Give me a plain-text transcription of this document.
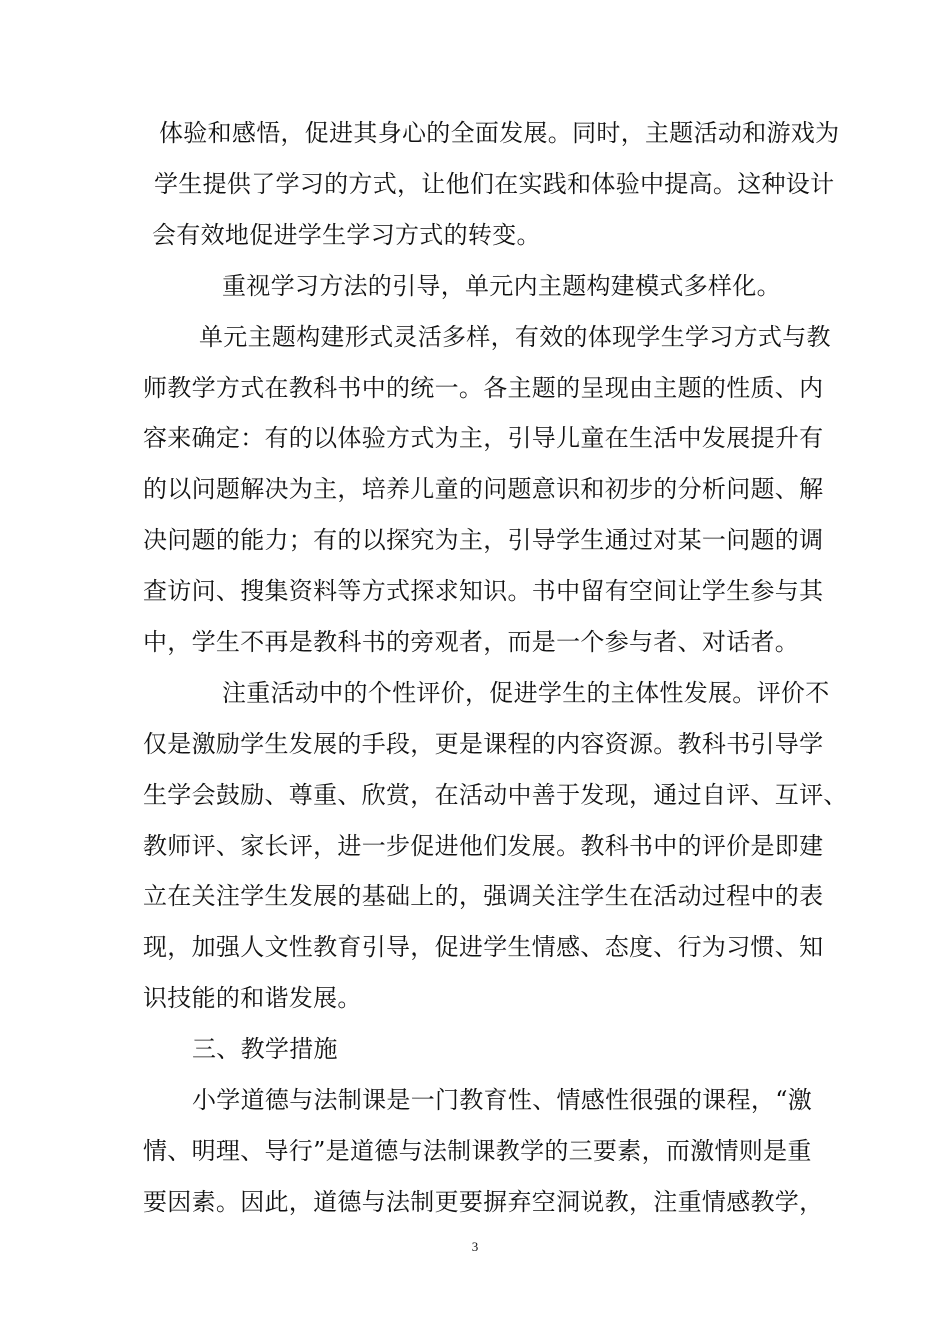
体验和感悟，促进其身心的全面发展。同时，主题活动和游戏为
学生提供了学习的方式，让他们在实践和体验中提高。这种设计
会有效地促进学生学习方式的转变。
重视学习方法的引导，单元内主题构建模式多样化。
单元主题构建形式灵活多样，有效的体现学生学习方式与教
师教学方式在教科书中的统一。各主题的呈现由主题的性质、内
容来确定：有的以体验方式为主，引导儿童在生活中发展提升有
的以问题解决为主，培养儿童的问题意识和初步的分析问题、解
决问题的能力；有的以探究为主，引导学生通过对某一问题的调
查访问、搜集资料等方式探求知识。书中留有空间让学生参与其
中，学生不再是教科书的旁观者，而是一个参与者、对话者。
注重活动中的个性评价，促进学生的主体性发展。评价不
仅是激励学生发展的手段，更是课程的内容资源。教科书引导学
生学会鼓励、尊重、欣赏，在活动中善于发现，通过自评、互评、
教师评、家长评，进一步促进他们发展。教科书中的评价是即建
立在关注学生发展的基础上的，强调关注学生在活动过程中的表
现，加强人文性教育引导，促进学生情感、态度、行为习惯、知
识技能的和谐发展。
三、教学措施
小学道德与法制课是一门教育性、情感性很强的课程，“激
情、明理、导行”是道德与法制课教学的三要素，而激情则是重
要因素。因此，道德与法制更要摒弃空洞说教，注重情感教学，
3
